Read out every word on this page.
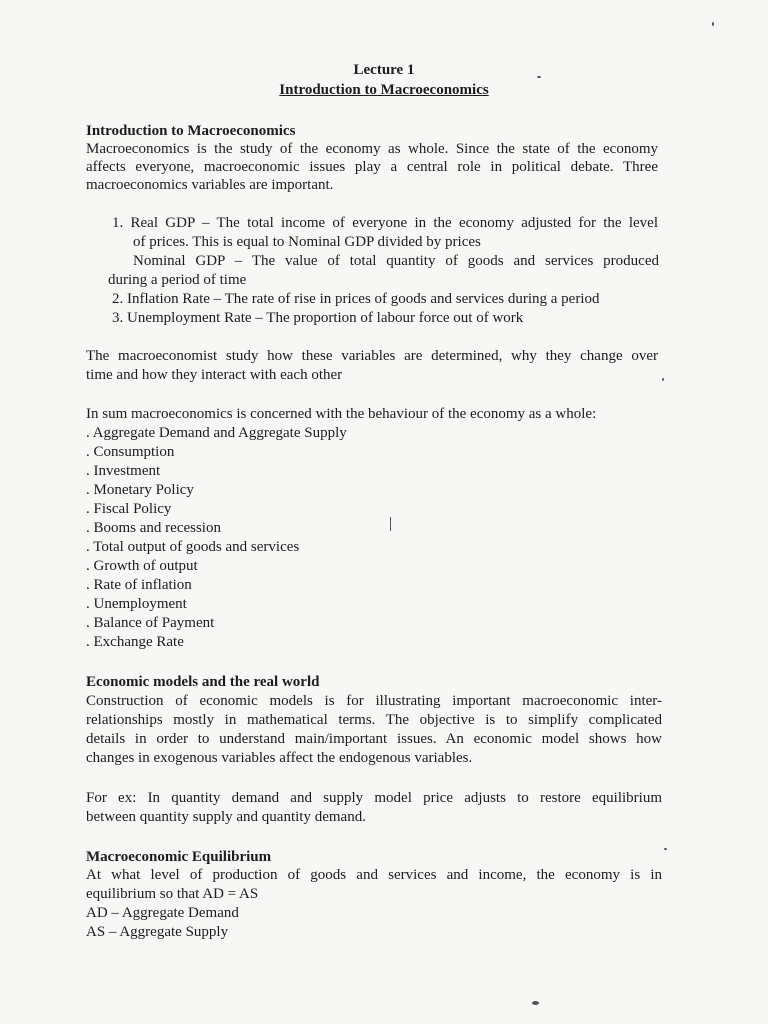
Lecture 1
Introduction to Macroeconomics
Introduction to Macroeconomics
Macroeconomics is the study of the economy as whole. Since the state of the economy
affects everyone, macroeconomic issues play a central role in political debate. Three
macroeconomics variables are important.
1. Real GDP – The total income of everyone in the economy adjusted for the level
of prices. This is equal to Nominal GDP divided by prices
Nominal GDP – The value of total quantity of goods and services produced
during a period of time
2. Inflation Rate – The rate of rise in prices of goods and services during a period
3. Unemployment Rate – The proportion of labour force out of work
The macroeconomist study how these variables are determined, why they change over
time and how they interact with each other
In sum macroeconomics is concerned with the behaviour of the economy as a whole:
. Aggregate Demand and Aggregate Supply
. Consumption
. Investment
. Monetary Policy
. Fiscal Policy
. Booms and recession
. Total output of goods and services
. Growth of output
. Rate of inflation
. Unemployment
. Balance of Payment
. Exchange Rate
Economic models and the real world
Construction of economic models is for illustrating important macroeconomic inter-
relationships mostly in mathematical terms. The objective is to simplify complicated
details in order to understand main/important issues. An economic model shows how
changes in exogenous variables affect the endogenous variables.
For ex: In quantity demand and supply model price adjusts to restore equilibrium
between quantity supply and quantity demand.
Macroeconomic Equilibrium
At what level of production of goods and services and income, the economy is in
equilibrium so that AD = AS
AD – Aggregate Demand
AS – Aggregate Supply
